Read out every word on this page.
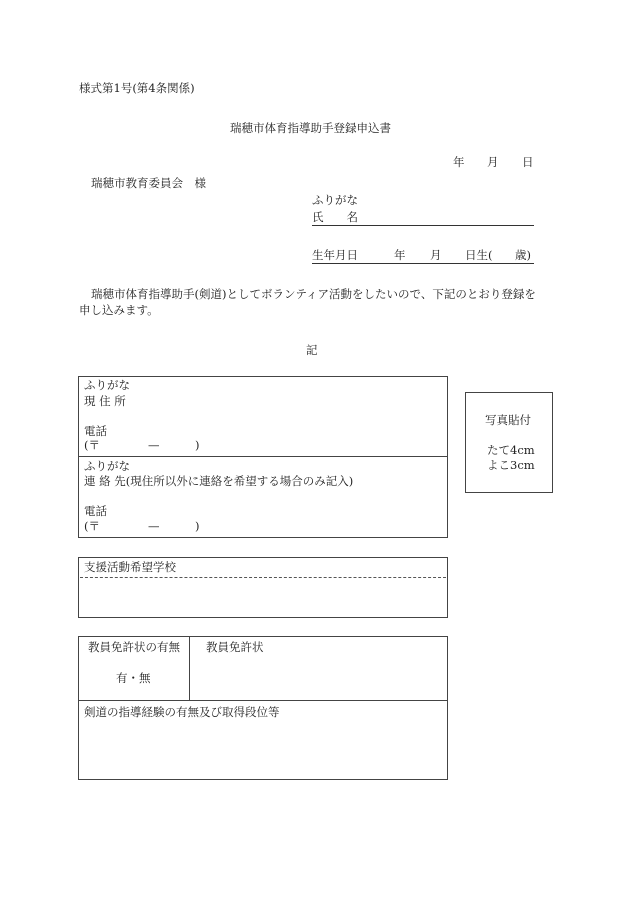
様式第1号(第4条関係)
瑞穂市体育指導助手登録申込書
年 月 日
瑞穂市教育委員会　様
ふりがな
氏　　名
生年月日	年 月 日生( 歳)
瑞穂市体育指導助手(剣道)としてボランティア活動をしたいので、下記のとおり登録を
申し込みます。
記
ふりがな
現 住 所
電話
(〒	—	)
ふりがな
連 絡 先(現住所以外に連絡を希望する場合のみ記入)
電話
(〒	—	)
写真貼付
たて4cm
よこ3cm
支援活動希望学校
教員免許状の有無
有・無
教員免許状
剣道の指導経験の有無及び取得段位等
